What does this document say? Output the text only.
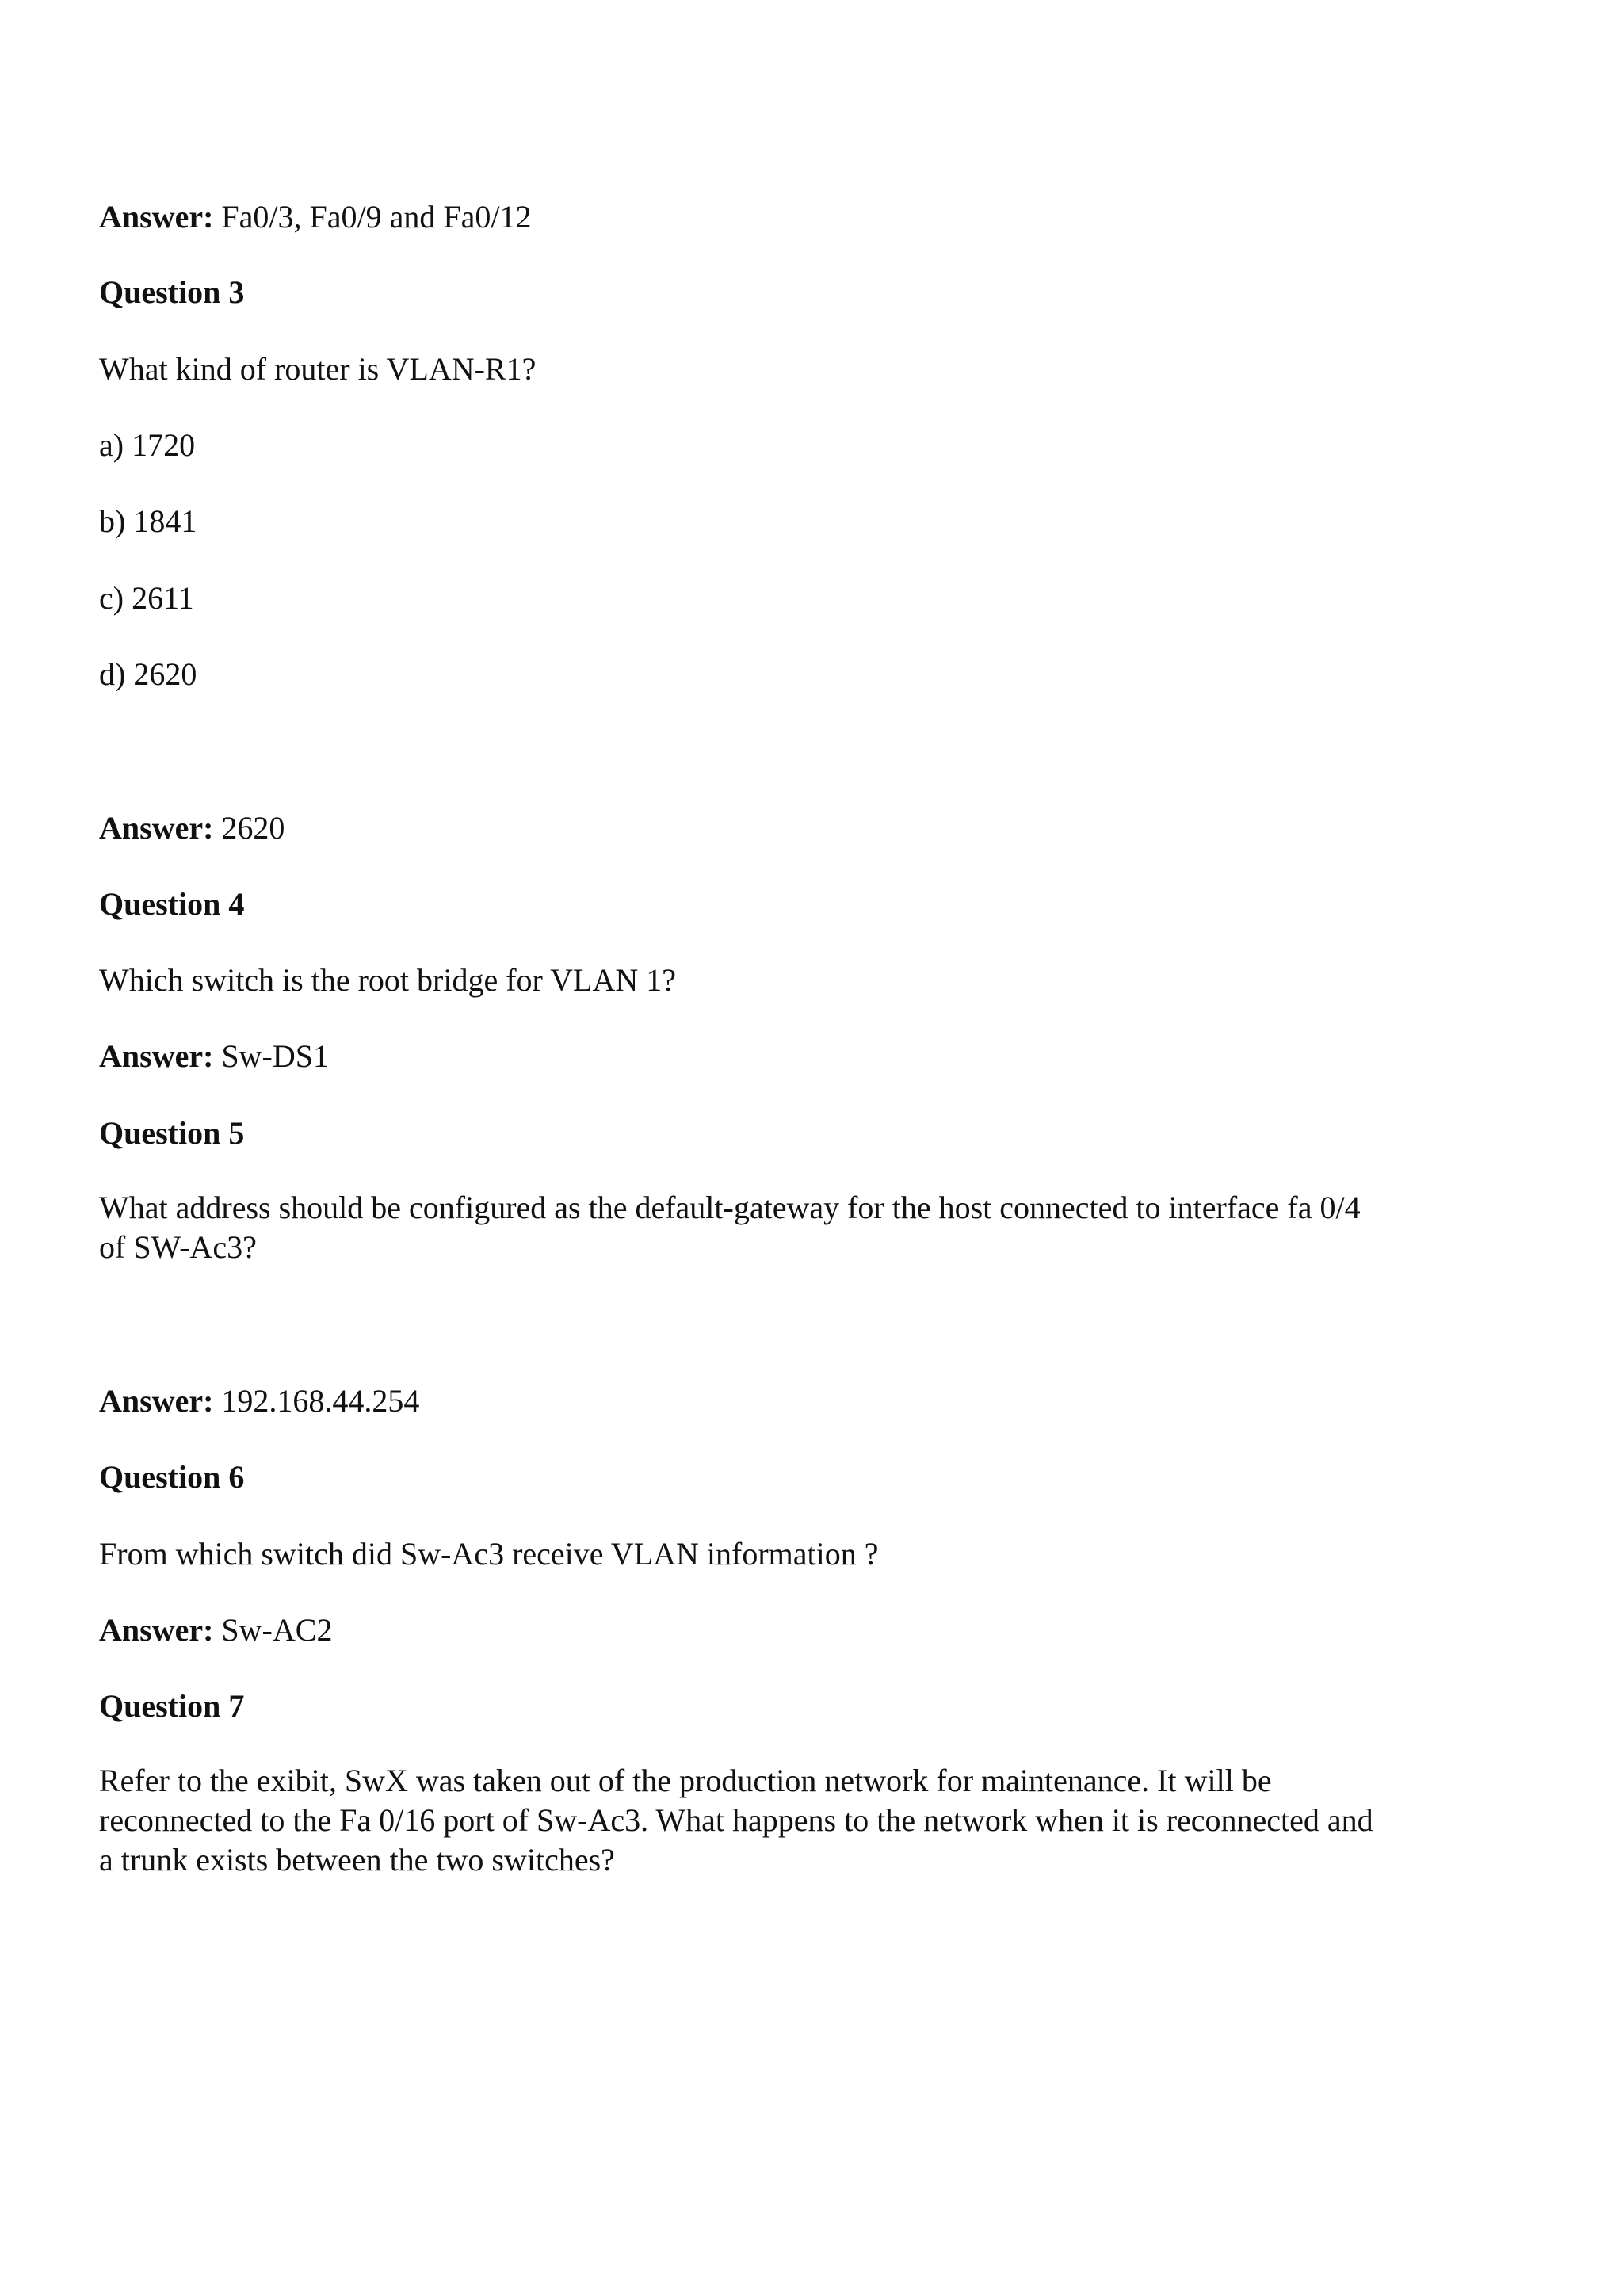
Answer: Fa0/3, Fa0/9 and Fa0/12
Question 3
What kind of router is VLAN-R1?
a) 1720
b) 1841
c) 2611
d) 2620
Answer: 2620
Question 4
Which switch is the root bridge for VLAN 1?
Answer: Sw-DS1
Question 5
What address should be configured as the default-gateway for the host connected to interface fa 0/4
of SW-Ac3?
Answer: 192.168.44.254
Question 6
From which switch did Sw-Ac3 receive VLAN information ?
Answer: Sw-AC2
Question 7
Refer to the exibit, SwX was taken out of the production network for maintenance. It will be
reconnected to the Fa 0/16 port of Sw-Ac3. What happens to the network when it is reconnected and
a trunk exists between the two switches?
